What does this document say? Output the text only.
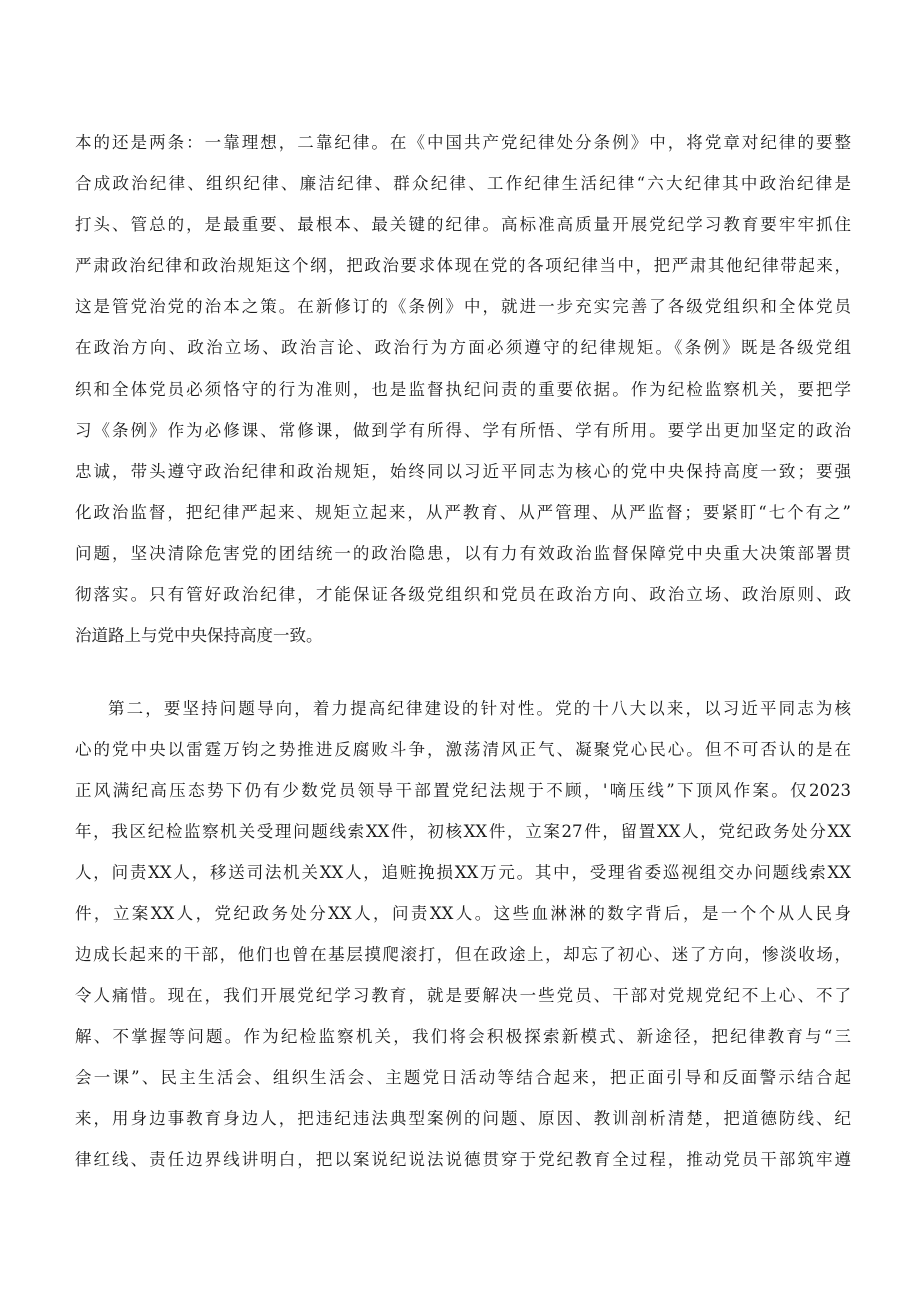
本的还是两条：一靠理想，二靠纪律。在《中国共产党纪律处分条例》中，将党章对纪律的要整
合成政治纪律、组织纪律、廉洁纪律、群众纪律、工作纪律生活纪律“六大纪律其中政治纪律是
打头、管总的，是最重要、最根本、最关键的纪律。高标准高质量开展党纪学习教育要牢牢抓住
严肃政治纪律和政治规矩这个纲，把政治要求体现在党的各项纪律当中，把严肃其他纪律带起来，
这是管党治党的治本之策。在新修订的《条例》中，就进一步充实完善了各级党组织和全体党员
在政治方向、政治立场、政治言论、政治行为方面必须遵守的纪律规矩。《条例》既是各级党组
织和全体党员必须恪守的行为准则，也是监督执纪问责的重要依据。作为纪检监察机关，要把学
习《条例》作为必修课、常修课，做到学有所得、学有所悟、学有所用。要学出更加坚定的政治
忠诚，带头遵守政治纪律和政治规矩，始终同以习近平同志为核心的党中央保持高度一致；要强
化政治监督，把纪律严起来、规矩立起来，从严教育、从严管理、从严监督；要紧盯“七个有之”
问题，坚决清除危害党的团结统一的政治隐患，以有力有效政治监督保障党中央重大决策部署贯
彻落实。只有管好政治纪律，才能保证各级党组织和党员在政治方向、政治立场、政治原则、政
治道路上与党中央保持高度一致。
第二，要坚持问题导向，着力提高纪律建设的针对性。党的十八大以来，以习近平同志为核
心的党中央以雷霆万钧之势推进反腐败斗争，激荡清风正气、凝聚党心民心。但不可否认的是在
正风满纪高压态势下仍有少数党员领导干部置党纪法规于不顾，'嘀压线”下顶风作案。仅2023
年，我区纪检监察机关受理问题线索XX件，初核XX件，立案27件，留置XX人，党纪政务处分XX
人，问责XX人，移送司法机关XX人，追赃挽损XX万元。其中，受理省委巡视组交办问题线索XX
件，立案XX人，党纪政务处分XX人，问责XX人。这些血淋淋的数字背后，是一个个从人民身
边成长起来的干部，他们也曾在基层摸爬滚打，但在政途上，却忘了初心、迷了方向，惨淡收场，
令人痛惜。现在，我们开展党纪学习教育，就是要解决一些党员、干部对党规党纪不上心、不了
解、不掌握等问题。作为纪检监察机关，我们将会积极探索新模式、新途径，把纪律教育与“三
会一课”、民主生活会、组织生活会、主题党日活动等结合起来，把正面引导和反面警示结合起
来，用身边事教育身边人，把违纪违法典型案例的问题、原因、教训剖析清楚，把道德防线、纪
律红线、责任边界线讲明白，把以案说纪说法说德贯穿于党纪教育全过程，推动党员干部筑牢遵
